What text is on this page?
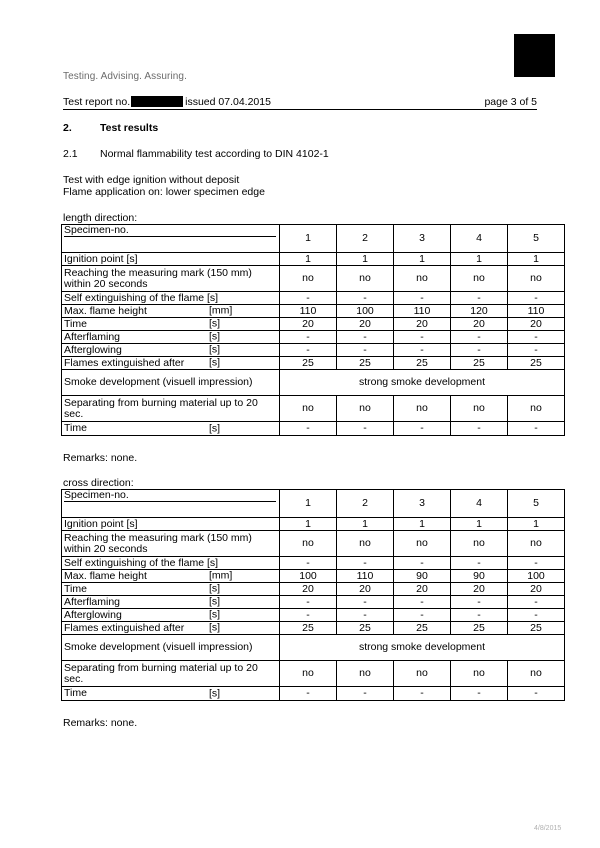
Testing. Advising. Assuring.
Test report no.	issued 07.04.2015	page 3 of 5
2.	Test results
2.1 Normal flammability test according to DIN 4102-1
Test with edge ignition without deposit
Flame application on: lower specimen edge
length direction:
Specimen-no.	1	2	3	4	5
Ignition point [s]	1	1	1	1	1
Reaching the measuring mark (150 mm) within 20 seconds	no	no	no	no	no
Self extinguishing of the flame [s]	-	-	-	-	-
Max. flame height [mm]	110	100	110	120	110
Time [s]	20	20	20	20	20
Afterflaming [s]	-	-	-	-	-
Afterglowing [s]	-	-	-	-	-
Flames extinguished after [s]	25	25	25	25	25
Smoke development (visuell impression)	strong smoke development				
Separating from burning material up to 20 sec.	no	no	no	no	no
Time [s]	-	-	-	-	-
Remarks: none.
cross direction:
Specimen-no.	1	2	3	4	5
Ignition point [s]	1	1	1	1	1
Reaching the measuring mark (150 mm) within 20 seconds	no	no	no	no	no
Self extinguishing of the flame [s]	-	-	-	-	-
Max. flame height [mm]	100	110	90	90	100
Time [s]	20	20	20	20	20
Afterflaming [s]	-	-	-	-	-
Afterglowing [s]	-	-	-	-	-
Flames extinguished after [s]	25	25	25	25	25
Smoke development (visuell impression)	strong smoke development				
Separating from burning material up to 20 sec.	no	no	no	no	no
Time [s]	-	-	-	-	-
Remarks: none.
4/8/2015
